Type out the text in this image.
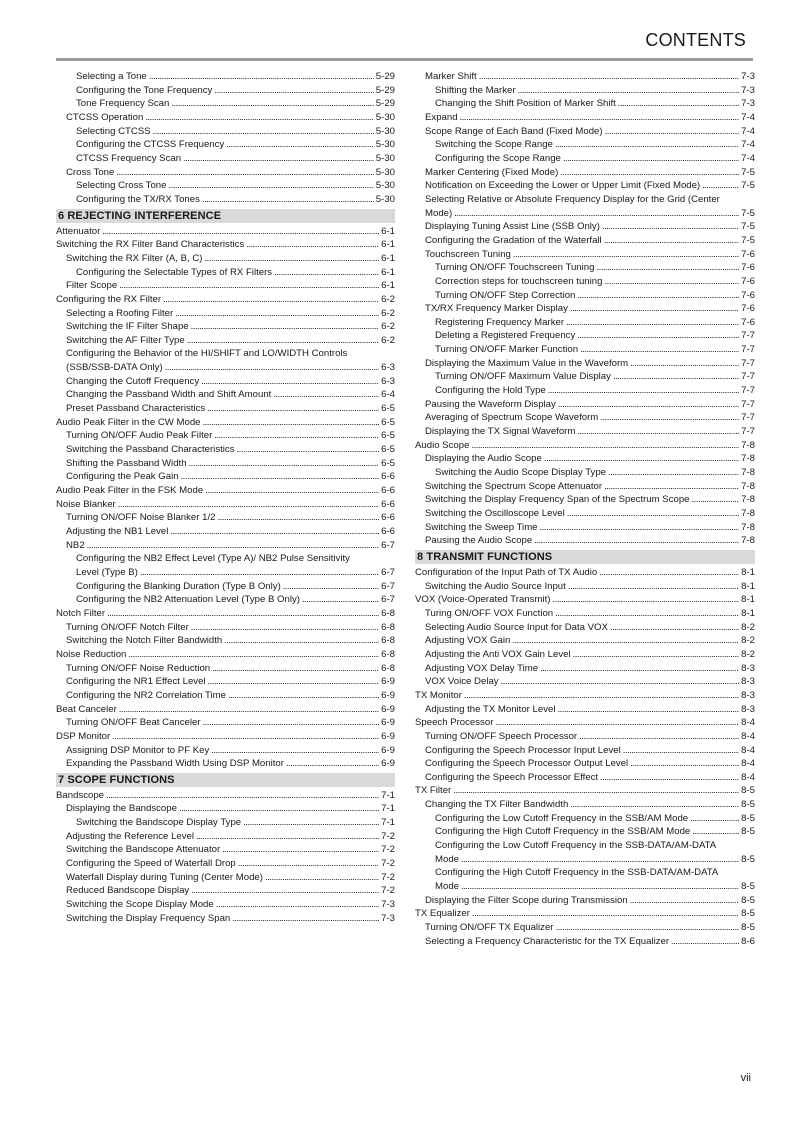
CONTENTS
Selecting a Tone . . .	5-29
Configuring the Tone Frequency . . .	5-29
Tone Frequency Scan . . .	5-29
CTCSS Operation . . .	5-30
Selecting CTCSS . . .	5-30
Configuring the CTCSS Frequency . . .	5-30
CTCSS Frequency Scan . . .	5-30
Cross Tone . . .	5-30
Selecting Cross Tone . . .	5-30
Configuring the TX/RX Tones . . .	5-30
6 REJECTING INTERFERENCE
Attenuator . . .	6-1
Switching the RX Filter Band Characteristics . . .	6-1
Switching the RX Filter (A, B, C) . . .	6-1
Configuring the Selectable Types of RX Filters . . .	6-1
Filter Scope . . .	6-1
Configuring the RX Filter . . .	6-2
Selecting a Roofing Filter . . .	6-2
Switching the IF Filter Shape . . .	6-2
Switching the AF Filter Type . . .	6-2
Configuring the Behavior of the HI/SHIFT and LO/WIDTH Controls
(SSB/SSB-DATA Only) . . .	6-3
Changing the Cutoff Frequency . . .	6-3
Changing the Passband Width and Shift Amount . . .	6-4
Preset Passband Characteristics . . .	6-5
Audio Peak Filter in the CW Mode . . .	6-5
Turning ON/OFF Audio Peak Filter . . .	6-5
Switching the Passband Characteristics . . .	6-5
Shifting the Passband Width . . .	6-5
Configuring the Peak Gain . . .	6-6
Audio Peak Filter in the FSK Mode . . .	6-6
Noise Blanker . . .	6-6
Turning ON/OFF Noise Blanker 1/2 . . .	6-6
Adjusting the NB1 Level . . .	6-6
NB2 . . .	6-7
Configuring the NB2 Effect Level (Type A)/ NB2 Pulse Sensitivity
Level (Type B) . . .	6-7
Configuring the Blanking Duration (Type B Only) . . .	6-7
Configuring the NB2 Attenuation Level (Type B Only) . . .	6-7
Notch Filter . . .	6-8
Turning ON/OFF Notch Filter . . .	6-8
Switching the Notch Filter Bandwidth . . .	6-8
Noise Reduction . . .	6-8
Turning ON/OFF Noise Reduction . . .	6-8
Configuring the NR1 Effect Level . . .	6-9
Configuring the NR2 Correlation Time . . .	6-9
Beat Canceler . . .	6-9
Turning ON/OFF Beat Canceler . . .	6-9
DSP Monitor . . .	6-9
Assigning DSP Monitor to PF Key . . .	6-9
Expanding the Passband Width Using DSP Monitor . . .	6-9
7 SCOPE FUNCTIONS
Bandscope . . .	7-1
Displaying the Bandscope . . .	7-1
Switching the Bandscope Display Type . . .	7-1
Adjusting the Reference Level . . .	7-2
Switching the Bandscope Attenuator . . .	7-2
Configuring the Speed of Waterfall Drop . . .	7-2
Waterfall Display during Tuning (Center Mode) . . .	7-2
Reduced Bandscope Display . . .	7-2
Switching the Scope Display Mode . . .	7-3
Switching the Display Frequency Span . . .	7-3
Marker Shift . . .	7-3
Shifting the Marker . . .	7-3
Changing the Shift Position of Marker Shift . . .	7-3
Expand . . .	7-4
Scope Range of Each Band (Fixed Mode) . . .	7-4
Switching the Scope Range . . .	7-4
Configuring the Scope Range . . .	7-4
Marker Centering (Fixed Mode) . . .	7-5
Notification on Exceeding the Lower or Upper Limit (Fixed Mode) . . .	7-5
Selecting Relative or Absolute Frequency Display for the Grid (Center
Mode) . . .	7-5
Displaying Tuning Assist Line (SSB Only) . . .	7-5
Configuring the Gradation of the Waterfall . . .	7-5
Touchscreen Tuning . . .	7-6
Turning ON/OFF Touchscreen Tuning . . .	7-6
Correction steps for touchscreen tuning . . .	7-6
Turning ON/OFF Step Correction . . .	7-6
TX/RX Frequency Marker Display . . .	7-6
Registering Frequency Marker . . .	7-6
Deleting a Registered Frequency . . .	7-7
Turning ON/OFF Marker Function . . .	7-7
Displaying the Maximum Value in the Waveform . . .	7-7
Turning ON/OFF Maximum Value Display . . .	7-7
Configuring the Hold Type . . .	7-7
Pausing the Waveform Display . . .	7-7
Averaging of Spectrum Scope Waveform . . .	7-7
Displaying the TX Signal Waveform . . .	7-7
Audio Scope . . .	7-8
Displaying the Audio Scope . . .	7-8
Switching the Audio Scope Display Type . . .	7-8
Switching the Spectrum Scope Attenuator . . .	7-8
Switching the Display Frequency Span of the Spectrum Scope . . .	7-8
Switching the Oscilloscope Level . . .	7-8
Switching the Sweep Time . . .	7-8
Pausing the Audio Scope . . .	7-8
8 TRANSMIT FUNCTIONS
Configuration of the Input Path of TX Audio . . .	8-1
Switching the Audio Source Input . . .	8-1
VOX (Voice-Operated Transmit) . . .	8-1
Turing ON/OFF VOX Function . . .	8-1
Selecting Audio Source Input for Data VOX . . .	8-2
Adjusting VOX Gain . . .	8-2
Adjusting the Anti VOX Gain Level . . .	8-2
Adjusting VOX Delay Time . . .	8-3
VOX Voice Delay . . .	8-3
TX Monitor . . .	8-3
Adjusting the TX Monitor Level . . .	8-3
Speech Processor . . .	8-4
Turning ON/OFF Speech Processor . . .	8-4
Configuring the Speech Processor Input Level . . .	8-4
Configuring the Speech Processor Output Level . . .	8-4
Configuring the Speech Processor Effect . . .	8-4
TX Filter . . .	8-5
Changing the TX Filter Bandwidth . . .	8-5
Configuring the Low Cutoff Frequency in the SSB/AM Mode . . .	8-5
Configuring the High Cutoff Frequency in the SSB/AM Mode . . .	8-5
Configuring the Low Cutoff Frequency in the SSB-DATA/AM-DATA
Mode . . .	8-5
Configuring the High Cutoff Frequency in the SSB-DATA/AM-DATA
Mode . . .	8-5
Displaying the Filter Scope during Transmission . . .	8-5
TX Equalizer . . .	8-5
Turning ON/OFF TX Equalizer . . .	8-5
Selecting a Frequency Characteristic for the TX Equalizer . . .	8-6
vii
